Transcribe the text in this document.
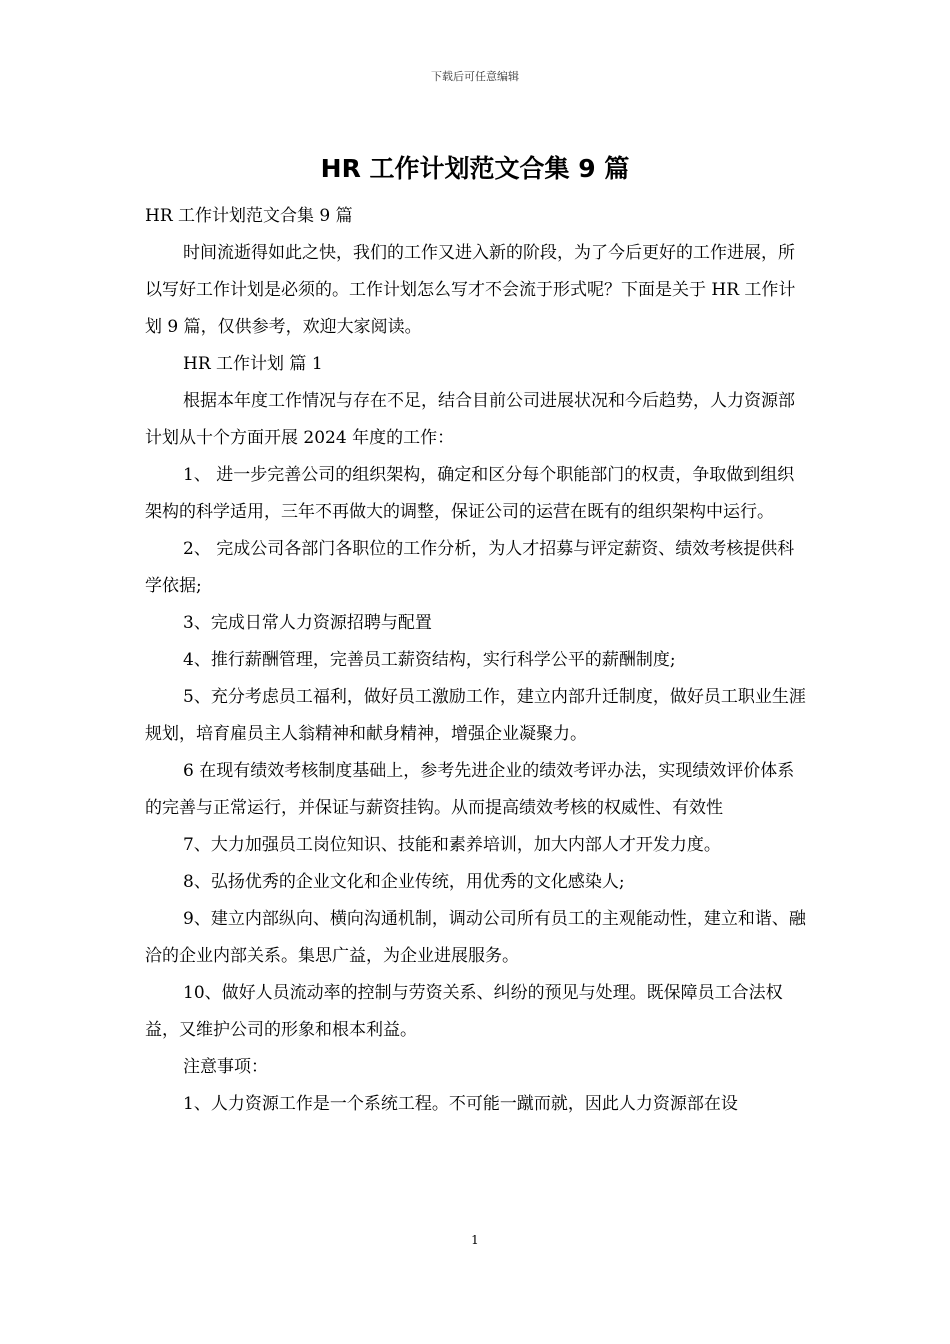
下载后可任意编辑
HR 工作计划范文合集 9 篇

HR 工作计划范文合集 9 篇

时间流逝得如此之快，我们的工作又进入新的阶段，为了今后更好的工作进展，所以写好工作计划是必须的。工作计划怎么写才不会流于形式呢？下面是关于 HR 工作计划 9 篇，仅供参考，欢迎大家阅读。

HR 工作计划 篇 1

根据本年度工作情况与存在不足，结合目前公司进展状况和今后趋势，人力资源部计划从十个方面开展 2024 年度的工作：

1、 进一步完善公司的组织架构，确定和区分每个职能部门的权责，争取做到组织架构的科学适用，三年不再做大的调整，保证公司的运营在既有的组织架构中运行。

2、 完成公司各部门各职位的工作分析，为人才招募与评定薪资、绩效考核提供科学依据;

3、完成日常人力资源招聘与配置

4、推行薪酬管理，完善员工薪资结构，实行科学公平的薪酬制度;

5、充分考虑员工福利，做好员工激励工作，建立内部升迁制度，做好员工职业生涯规划，培育雇员主人翁精神和献身精神，增强企业凝聚力。

6 在现有绩效考核制度基础上，参考先进企业的绩效考评办法，实现绩效评价体系的完善与正常运行，并保证与薪资挂钩。从而提高绩效考核的权威性、有效性

7、大力加强员工岗位知识、技能和素养培训，加大内部人才开发力度。

8、弘扬优秀的企业文化和企业传统，用优秀的文化感染人;

9、建立内部纵向、横向沟通机制，调动公司所有员工的主观能动性，建立和谐、融洽的企业内部关系。集思广益，为企业进展服务。

10、做好人员流动率的控制与劳资关系、纠纷的预见与处理。既保障员工合法权益，又维护公司的形象和根本利益。

注意事项：

1、人力资源工作是一个系统工程。不可能一蹴而就，因此人力资源部在设

1
